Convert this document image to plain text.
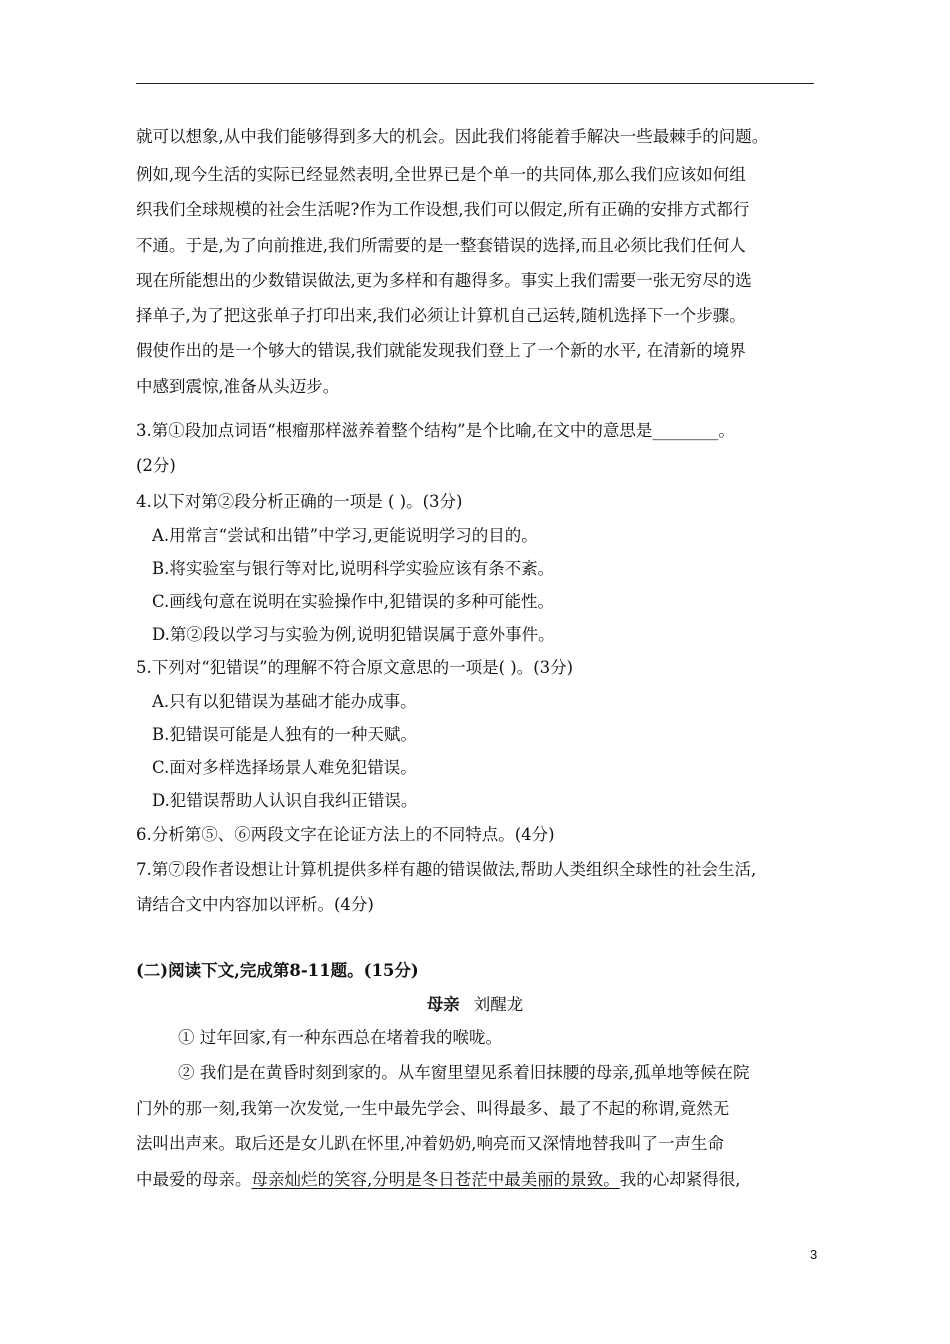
就可以想象,从中我们能够得到多大的机会。因此我们将能着手解决一些最棘手的问题。
例如,现今生活的实际已经显然表明,全世界已是个单一的共同体,那么我们应该如何组
织我们全球规模的社会生活呢?作为工作设想,我们可以假定,所有正确的安排方式都行
不通。于是,为了向前推进,我们所需要的是一整套错误的选择,而且必须比我们任何人
现在所能想出的少数错误做法,更为多样和有趣得多。事实上我们需要一张无穷尽的选
择单子,为了把这张单子打印出来,我们必须让计算机自己运转,随机选择下一个步骤。
假使作出的是一个够大的错误,我们就能发现我们登上了一个新的水平, 在清新的境界
中感到震惊,准备从头迈步。
3.第①段加点词语“根瘤那样滋养着整个结构”是个比喻,在文中的意思是________。
(2分)
4.以下对第②段分析正确的一项是 ( )。(3分)
A.用常言“尝试和出错”中学习,更能说明学习的目的。
B.将实验室与银行等对比,说明科学实验应该有条不紊。
C.画线句意在说明在实验操作中,犯错误的多种可能性。
D.第②段以学习与实验为例,说明犯错误属于意外事件。
5.下列对“犯错误”的理解不符合原文意思的一项是( )。(3分)
A.只有以犯错误为基础才能办成事。
B.犯错误可能是人独有的一种天赋。
C.面对多样选择场景人难免犯错误。
D.犯错误帮助人认识自我纠正错误。
6.分析第⑤、⑥两段文字在论证方法上的不同特点。(4分)
7.第⑦段作者设想让计算机提供多样有趣的错误做法,帮助人类组织全球性的社会生活,
请结合文中内容加以评析。(4分)
(二)阅读下文,完成第8-11题。(15分)
母亲 刘醒龙
① 过年回家,有一种东西总在堵着我的喉咙。
② 我们是在黄昏时刻到家的。从车窗里望见系着旧抹腰的母亲,孤单地等候在院
门外的那一刻,我第一次发觉,一生中最先学会、叫得最多、最了不起的称谓,竟然无
法叫出声来。取后还是女儿趴在怀里,冲着奶奶,响亮而又深情地替我叫了一声生命
中最爱的母亲。母亲灿烂的笑容,分明是冬日苍茫中最美丽的景致。我的心却紧得很,
3
